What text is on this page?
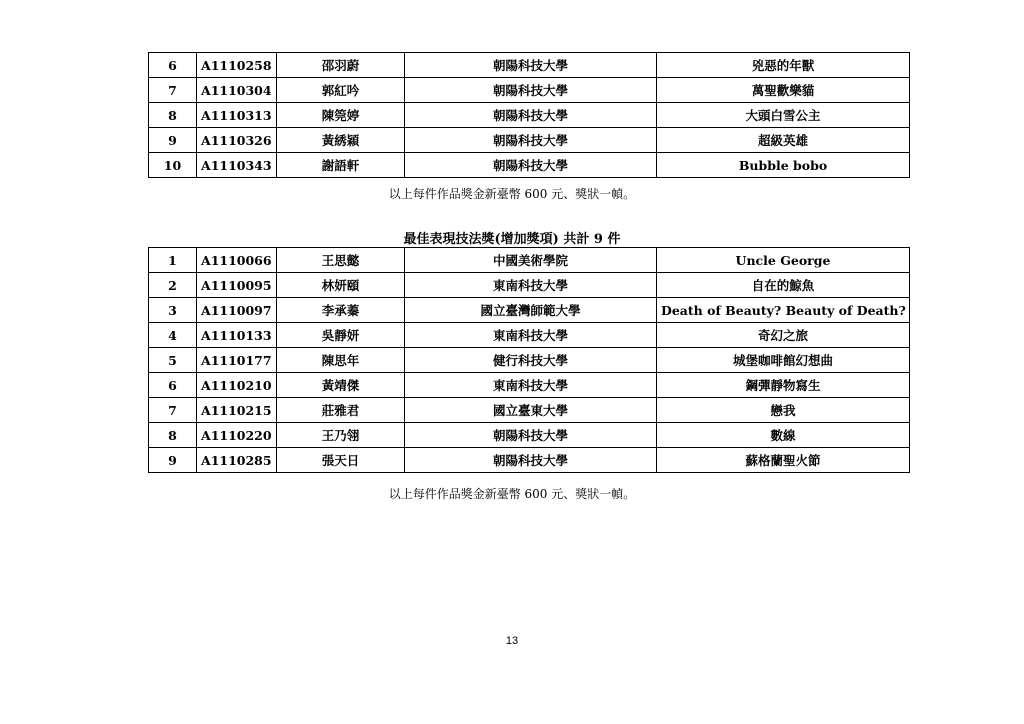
6	A1110258	邵羽蔚	朝陽科技大學	兇惡的年獸
7	A1110304	郭紅吟	朝陽科技大學	萬聖歡樂貓
8	A1110313	陳筦婷	朝陽科技大學	大頭白雪公主
9	A1110326	黃綉穎	朝陽科技大學	超級英雄
10	A1110343	謝語軒	朝陽科技大學	Bubble bobo
以上每件作品獎金新臺幣 600 元、獎狀一幀。
最佳表現技法獎(增加獎項) 共計 9 件
1	A1110066	王思懿	中國美術學院	Uncle George
2	A1110095	林妍頤	東南科技大學	自在的鯨魚
3	A1110097	李承蓁	國立臺灣師範大學	Death of Beauty? Beauty of Death?
4	A1110133	吳靜妍	東南科技大學	奇幻之旅
5	A1110177	陳思年	健行科技大學	城堡咖啡館幻想曲
6	A1110210	黃靖傑	東南科技大學	鋼彈靜物寫生
7	A1110215	莊雅君	國立臺東大學	戀我
8	A1110220	王乃翎	朝陽科技大學	數線
9	A1110285	張天日	朝陽科技大學	蘇格蘭聖火節
以上每件作品獎金新臺幣 600 元、獎狀一幀。
13
